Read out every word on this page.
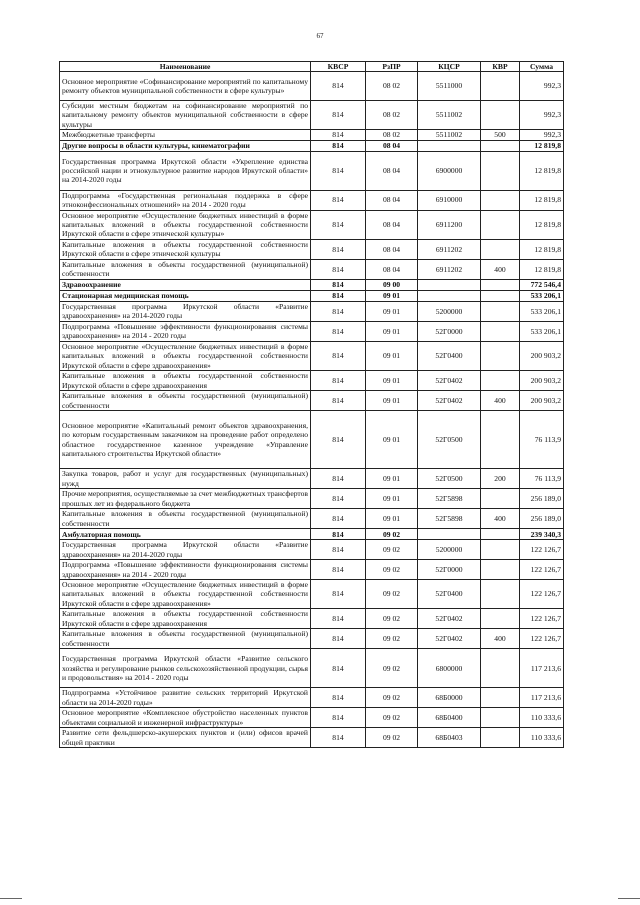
67
Наименование	КВСР	РзПР	КЦСР	КВР	Сумма
Основное мероприятие «Софинансирование мероприятий по капитальному ремонту объектов муниципальной собственности в сфере культуры»	814	08 02	5511000		992,3
Субсидии местным бюджетам на софинансирование мероприятий по капитальному ремонту объектов муниципальной собственности в сфере культуры	814	08 02	5511002		992,3
Межбюджетные трансферты	814	08 02	5511002	500	992,3
Другие вопросы в области культуры, кинематографии	814	08 04			12 819,8
Государственная программа Иркутской области «Укрепление единства российской нации и этнокультурное развитие народов Иркутской области» на 2014-2020 годы	814	08 04	6900000		12 819,8
Подпрограмма «Государственная региональная поддержка в сфере этноконфессиональных отношений» на 2014 - 2020 годы	814	08 04	6910000		12 819,8
Основное мероприятие «Осуществление бюджетных инвестиций в форме капитальных вложений в объекты государственной собственности Иркутской области в сфере этнической культуры»	814	08 04	6911200		12 819,8
Капитальные вложения в объекты государственной собственности Иркутской области в сфере этнической культуры	814	08 04	6911202		12 819,8
Капитальные вложения в объекты государственной (муниципальной) собственности	814	08 04	6911202	400	12 819,8
Здравоохранение	814	09 00			772 546,4
Стационарная медицинская помощь	814	09 01			533 206,1
Государственная программа Иркутской области «Развитие здравоохранения» на 2014-2020 годы	814	09 01	5200000		533 206,1
Подпрограмма «Повышение эффективности функционирования системы здравоохранения» на 2014 - 2020 годы	814	09 01	52Г0000		533 206,1
Основное мероприятие «Осуществление бюджетных инвестиций в форме капитальных вложений в объекты государственной собственности Иркутской области в сфере здравоохранения»	814	09 01	52Г0400		200 903,2
Капитальные вложения в объекты государственной собственности Иркутской области в сфере здравоохранения	814	09 01	52Г0402		200 903,2
Капитальные вложения в объекты государственной (муниципальной) собственности	814	09 01	52Г0402	400	200 903,2
Основное мероприятие «Капитальный ремонт объектов здравоохранения, по которым государственным заказчиком на проведение работ определено областное государственное казенное учреждение «Управление капитального строительства Иркутской области»	814	09 01	52Г0500		76 113,9
Закупка товаров, работ и услуг для государственных (муниципальных) нужд	814	09 01	52Г0500	200	76 113,9
Прочие мероприятия, осуществляемые за счет межбюджетных трансфертов прошлых лет из федерального бюджета	814	09 01	52Г5898		256 189,0
Капитальные вложения в объекты государственной (муниципальной) собственности	814	09 01	52Г5898	400	256 189,0
Амбулаторная помощь	814	09 02			239 340,3
Государственная программа Иркутской области «Развитие здравоохранения» на 2014-2020 годы	814	09 02	5200000		122 126,7
Подпрограмма «Повышение эффективности функционирования системы здравоохранения» на 2014 - 2020 годы	814	09 02	52Г0000		122 126,7
Основное мероприятие «Осуществление бюджетных инвестиций в форме капитальных вложений в объекты государственной собственности Иркутской области в сфере здравоохранения»	814	09 02	52Г0400		122 126,7
Капитальные вложения в объекты государственной собственности Иркутской области в сфере здравоохранения	814	09 02	52Г0402		122 126,7
Капитальные вложения в объекты государственной (муниципальной) собственности	814	09 02	52Г0402	400	122 126,7
Государственная программа Иркутской области «Развитие сельского хозяйства и регулирование рынков сельскохозяйственной продукции, сырья и продовольствия» на 2014 - 2020 годы	814	09 02	6800000		117 213,6
Подпрограмма «Устойчивое развитие сельских территорий Иркутской области на 2014-2020 годы»	814	09 02	68Б0000		117 213,6
Основное мероприятие «Комплексное обустройство населенных пунктов объектами социальной и инженерной инфраструктуры»	814	09 02	68Б0400		110 333,6
Развитие сети фельдшерско-акушерских пунктов и (или) офисов врачей общей практики	814	09 02	68Б0403		110 333,6
